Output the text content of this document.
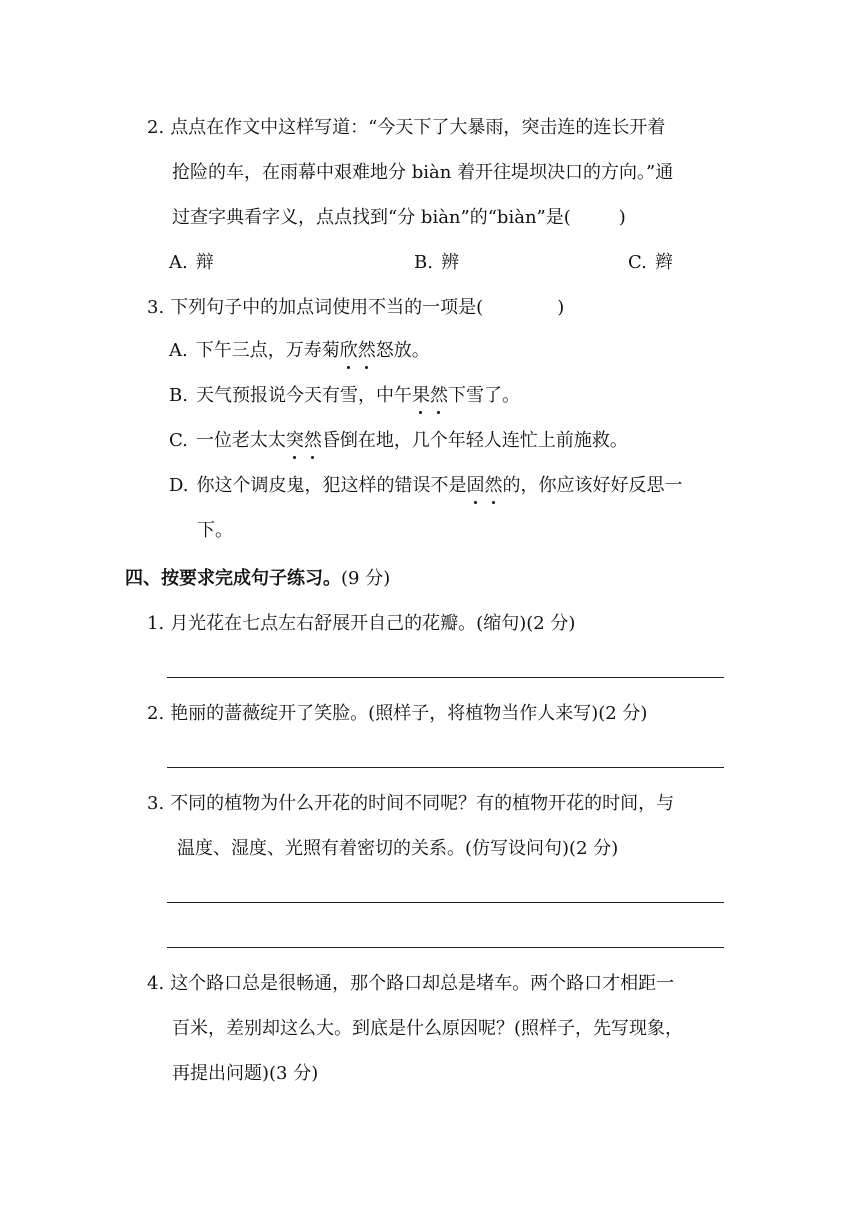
2. 点点在作文中这样写道：“今天下了大暴雨，突击连的连长开着
抢险的车，在雨幕中艰难地分 biàn 着开往堤坝决口的方向。”通
过查字典看字义，点点找到“分 biàn”的“biàn”是(	)
A. 辩	B. 辨	C. 辫
3. 下列句子中的加点词使用不当的一项是(	)
A. 下午三点，万寿菊欣然怒放。
B. 天气预报说今天有雪，中午果然下雪了。
C. 一位老太太突然昏倒在地，几个年轻人连忙上前施救。
D. 你这个调皮鬼，犯这样的错误不是固然的，你应该好好反思一
下。
四、按要求完成句子练习。(9 分)
1. 月光花在七点左右舒展开自己的花瓣。(缩句)(2 分)
2. 艳丽的蔷薇绽开了笑脸。(照样子，将植物当作人来写)(2 分)
3. 不同的植物为什么开花的时间不同呢？有的植物开花的时间，与
温度、湿度、光照有着密切的关系。(仿写设问句)(2 分)
4. 这个路口总是很畅通，那个路口却总是堵车。两个路口才相距一
百米，差别却这么大。到底是什么原因呢？(照样子，先写现象，
再提出问题)(3 分)
